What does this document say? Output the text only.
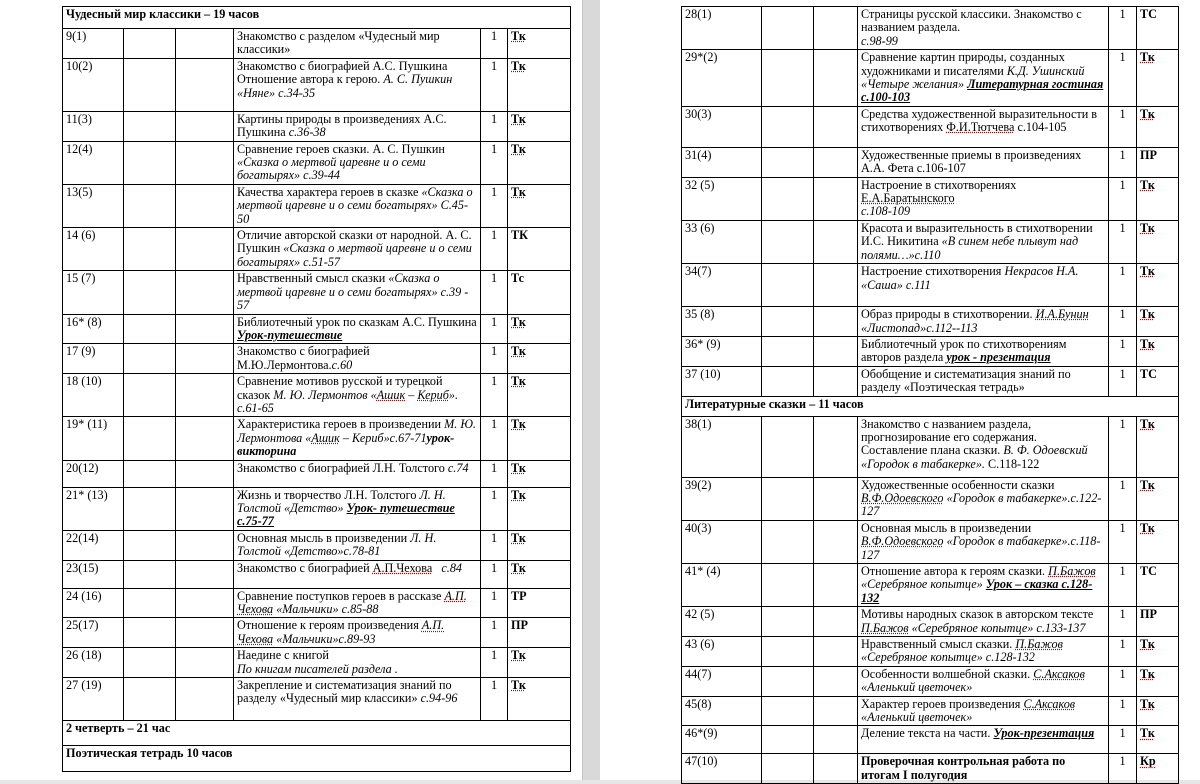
Чудесный мир классики – 19 часов					
9(1)			Знакомство с разделом «Чудесный мир классики»	1	Тк
10(2)			Знакомство с биографией А.С. Пушкина Отношение автора к герою. А. С. Пушкин «Няне» с.34-35	1	Тк
11(3)			Картины природы в произведениях А.С. Пушкина с.36-38	1	Тк
12(4)			Сравнение героев сказки. А. С. Пушкин «Сказка о мертвой царевне и о семи богатырях» с.39-44	1	Тк
13(5)			Качества характера героев в сказке «Сказка о мертвой царевне и о семи богатырях» С.45-50	1	Тк
14 (6)			Отличие авторской сказки от народной. А. С. Пушкин «Сказка о мертвой царевне и о семи богатырях» с.51-57	1	ТК
15 (7)			Нравственный смысл сказки «Сказка о мертвой царевне и о семи богатырях» с.39 - 57	1	Тс
16* (8)			Библиотечный урок по сказкам А.С. Пушкина Урок-путешествие	1	Тк
17 (9)			Знакомство с биографией М.Ю.Лермонтова.с.60	1	Тк
18 (10)			Сравнение мотивов русской и турецкой сказок М. Ю. Лермонтов «Ашик – Кериб». с.61-65	1	Тк
19* (11)			Характеристика героев в произведении М. Ю. Лермонтова «Ашик – Кериб»с.67-71урок-викторина	1	Тк
20(12)			Знакомство с биографией Л.Н. Толстого с.74	1	Тк
21* (13)			Жизнь и творчество Л.Н. Толстого Л. Н. Толстой «Детство» Урок- путешествие с.75-77	1	Тк
22(14)			Основная мысль в произведении Л. Н. Толстой «Детство»с.78-81	1	Тк
23(15)			Знакомство с биографией А.П.Чехова с.84	1	Тк
24 (16)			Сравнение поступков героев в рассказе А.П. Чехова «Мальчики» с.85-88	1	ТР
25(17)			Отношение к героям произведения А.П. Чехова «Мальчики»с.89-93	1	ПР
26 (18)			Наедине с книгой
По книгам писателей раздела .	1	Тк
27 (19)			Закрепление и систематизация знаний по разделу «Чудесный мир классики» с.94-96	1	Тк
2 четверть – 21 час					
Поэтическая тетрадь 10 часов					
28(1)			Страницы русской классики. Знакомство с названием раздела.
с.98-99	1	ТС
29*(2)			Сравнение картин природы, созданных художниками и писателями К.Д. Ушинский «Четыре желания» Литературная гостиная с.100-103	1	Тк
30(3)			Средства художественной выразительности в стихотворениях Ф.И.Тютчева с.104-105	1	Тк
31(4)			Художественные приемы в произведениях А.А. Фета с.106-107	1	ПР
32 (5)			Настроение в стихотворениях Е.А.Баратынского
с.108-109	1	Тк
33 (6)			Красота и выразительность в стихотворении И.С. Никитина «В синем небе плывут над полями…»с.110	1	Тк
34(7)			Настроение стихотворения Некрасов Н.А. «Саша» с.111	1	Тк
35 (8)			Образ природы в стихотворении. И.А.Бунин «Листопад»с.112--113	1	Тк
36* (9)			Библиотечный урок по стихотворениям авторов раздела урок - презентация	1	Тк
37 (10)			Обобщение и систематизация знаний по разделу «Поэтическая тетрадь»	1	ТС
Литературные сказки – 11 часов					
38(1)			Знакомство с названием раздела, прогнозирование его содержания. Составление плана сказки. В. Ф. Одоевский «Городок в табакерке». С.118-122	1	Тк
39(2)			Художественные особенности сказки В.Ф.Одоевского «Городок в табакерке».с.122-127	1	Тк
40(3)			Основная мысль в произведении В.Ф.Одоевского «Городок в табакерке».с.118-127	1	Тк
41* (4)			Отношение автора к героям сказки. П.Бажов «Серебряное копытце» Урок – сказка с.128-132	1	ТС
42 (5)			Мотивы народных сказок в авторском тексте П.Бажов «Серебряное копытце» с.133-137	1	ПР
43 (6)			Нравственный смысл сказки. П.Бажов «Серебряное копытце» с.128-132	1	Тк
44(7)			Особенности волшебной сказки. С.Аксаков «Аленький цветочек»	1	Тк
45(8)			Характер героев произведения С.Аксаков «Аленький цветочек»	1	Тк
46*(9)			Деление текста на части. Урок-презентация	1	Тк
47(10)			Проверочная контрольная работа по итогам I полугодия	1	Кр
